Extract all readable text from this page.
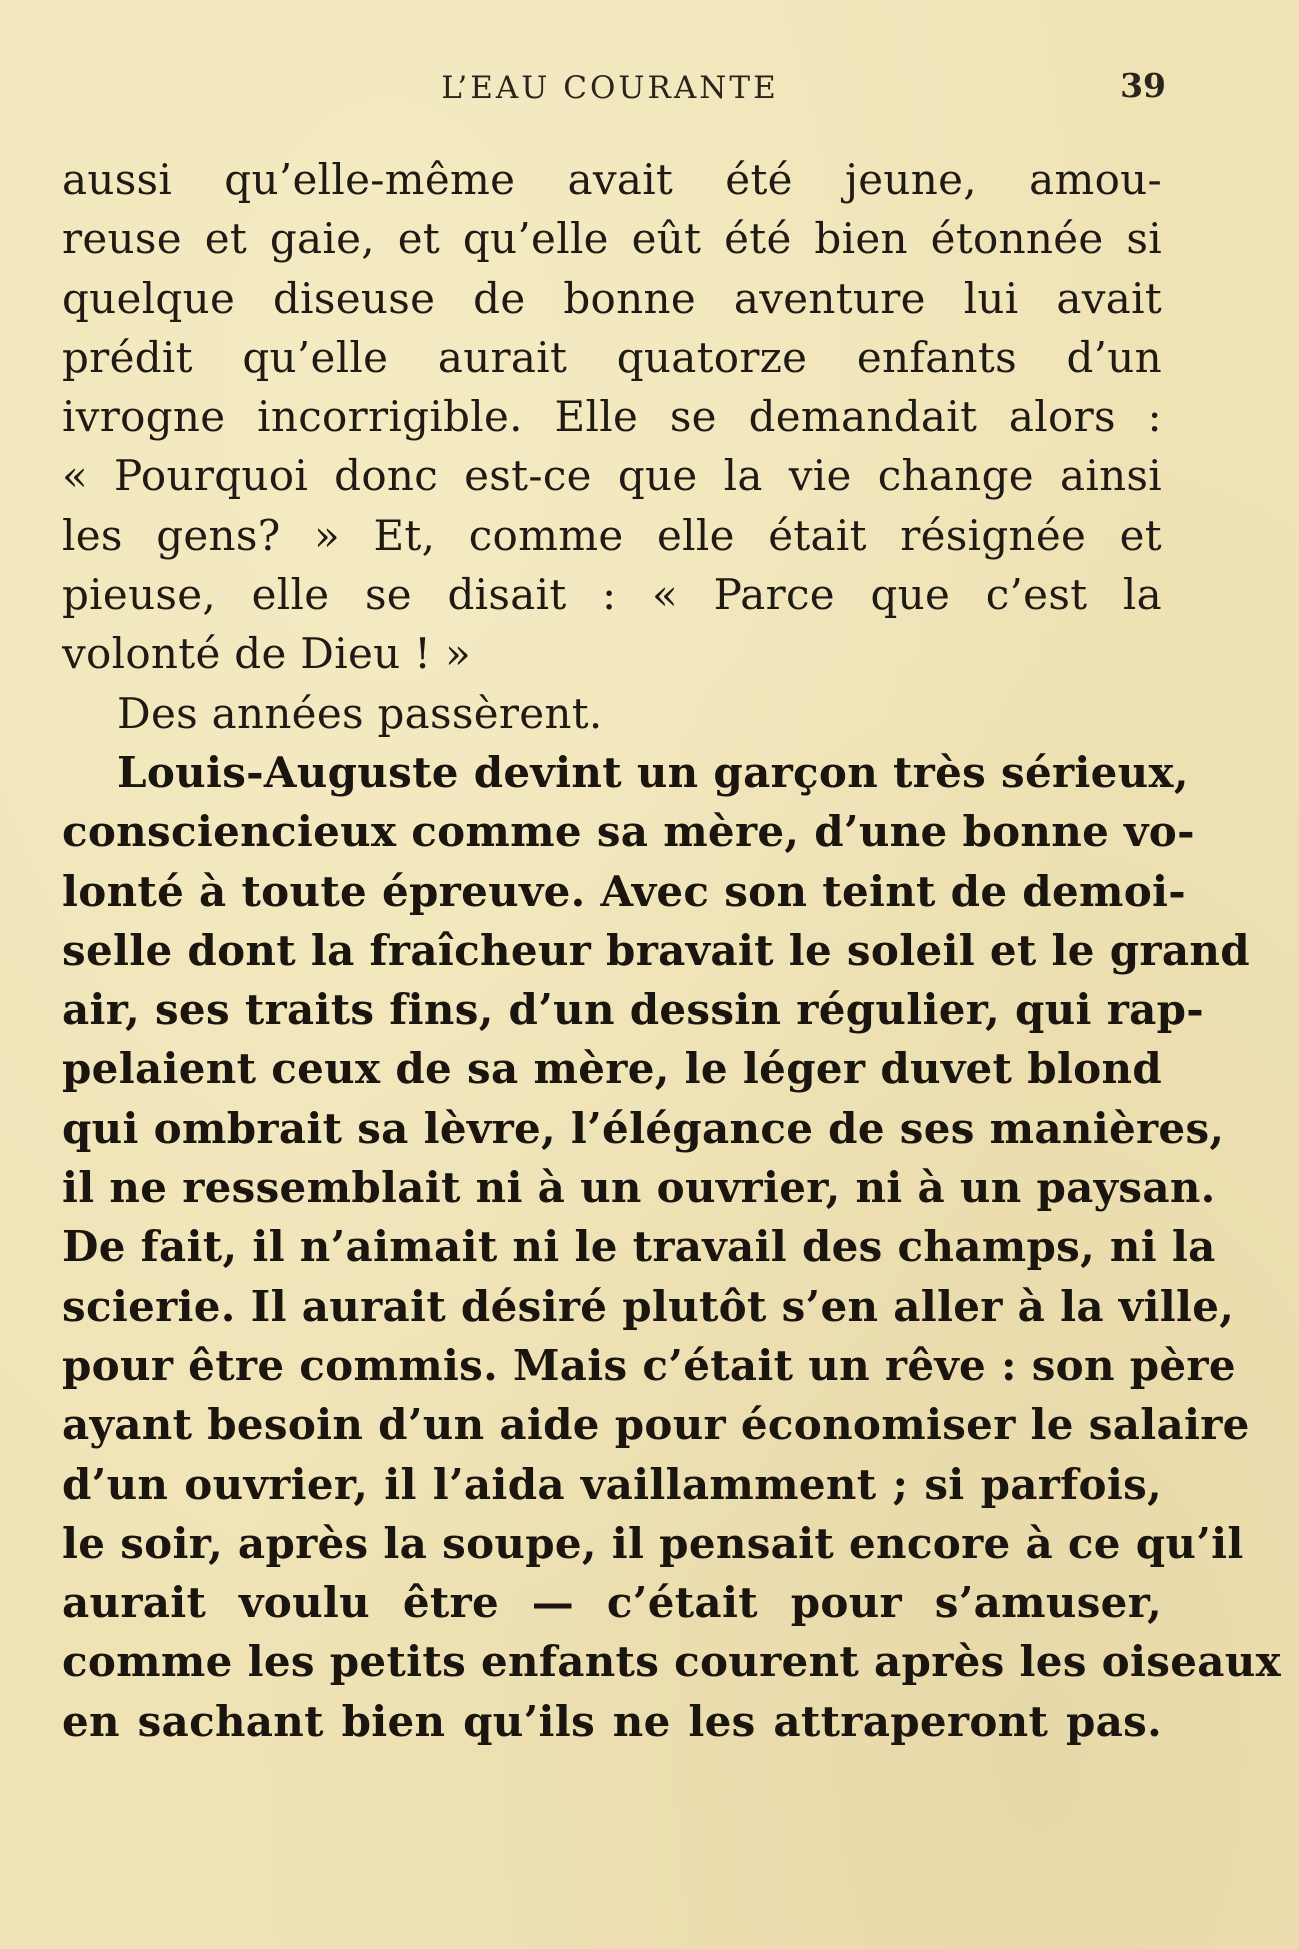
L’EAU COURANTE	39
aussi qu’elle-même avait été jeune, amou-
reuse et gaie, et qu’elle eût été bien étonnée si
quelque diseuse de bonne aventure lui avait
prédit qu’elle aurait quatorze enfants d’un
ivrogne incorrigible. Elle se demandait alors :
« Pourquoi donc est-ce que la vie change ainsi
les gens? » Et, comme elle était résignée et
pieuse, elle se disait : « Parce que c’est la
volonté de Dieu ! »
Des années passèrent.
Louis-Auguste devint un garçon très sérieux,
consciencieux comme sa mère, d’une bonne vo-
lonté à toute épreuve. Avec son teint de demoi-
selle dont la fraîcheur bravait le soleil et le grand
air, ses traits fins, d’un dessin régulier, qui rap-
pelaient ceux de sa mère, le léger duvet blond
qui ombrait sa lèvre, l’élégance de ses manières,
il ne ressemblait ni à un ouvrier, ni à un paysan.
De fait, il n’aimait ni le travail des champs, ni la
scierie. Il aurait désiré plutôt s’en aller à la ville,
pour être commis. Mais c’était un rêve : son père
ayant besoin d’un aide pour économiser le salaire
d’un ouvrier, il l’aida vaillamment ; si parfois,
le soir, après la soupe, il pensait encore à ce qu’il
aurait voulu être — c’était pour s’amuser,
comme les petits enfants courent après les oiseaux
en sachant bien qu’ils ne les attraperont pas.
